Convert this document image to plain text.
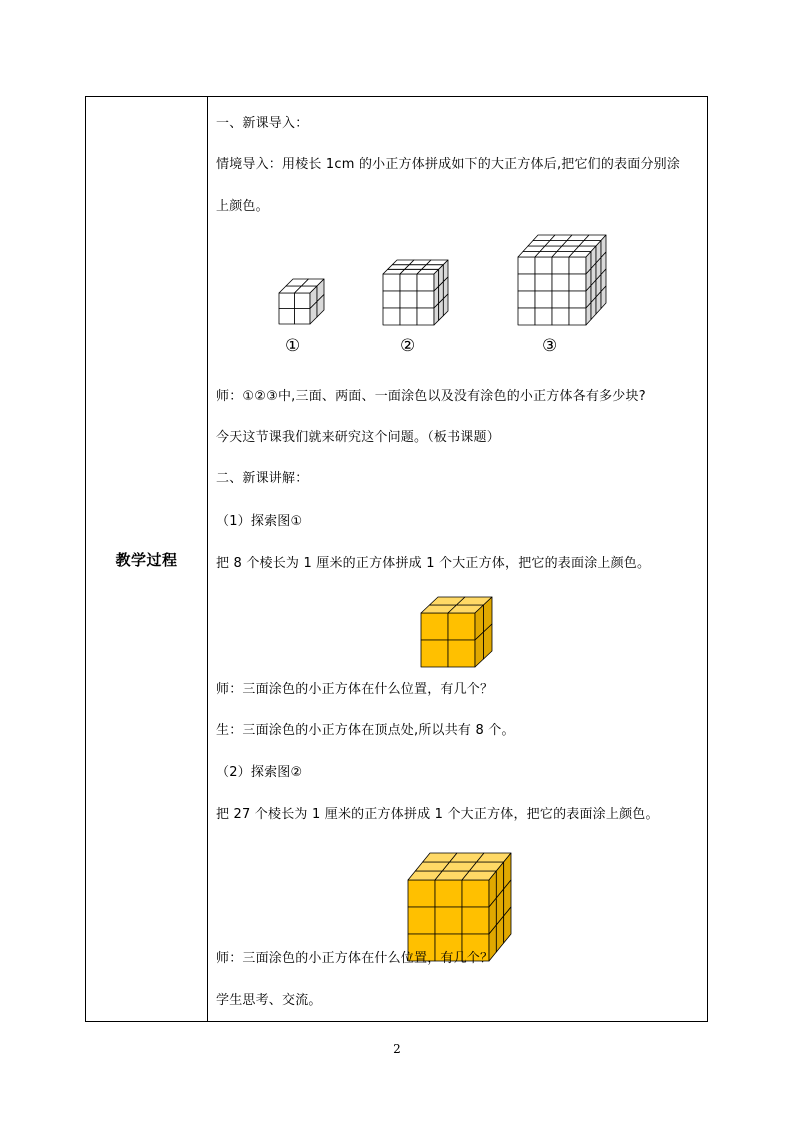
教学过程
一、新课导入：
情境导入：用棱长 1cm 的小正方体拼成如下的大正方体后,把它们的表面分别涂
上颜色。
①	②	③
师：①②③中,三面、两面、一面涂色以及没有涂色的小正方体各有多少块?
今天这节课我们就来研究这个问题。（板书课题）
二、新课讲解：
（1）探索图①
把 8 个棱长为 1 厘米的正方体拼成 1 个大正方体，把它的表面涂上颜色。
师：三面涂色的小正方体在什么位置，有几个？
生：三面涂色的小正方体在顶点处,所以共有 8 个。
（2）探索图②
把 27 个棱长为 1 厘米的正方体拼成 1 个大正方体，把它的表面涂上颜色。
师：三面涂色的小正方体在什么位置，有几个？
学生思考、交流。
2
